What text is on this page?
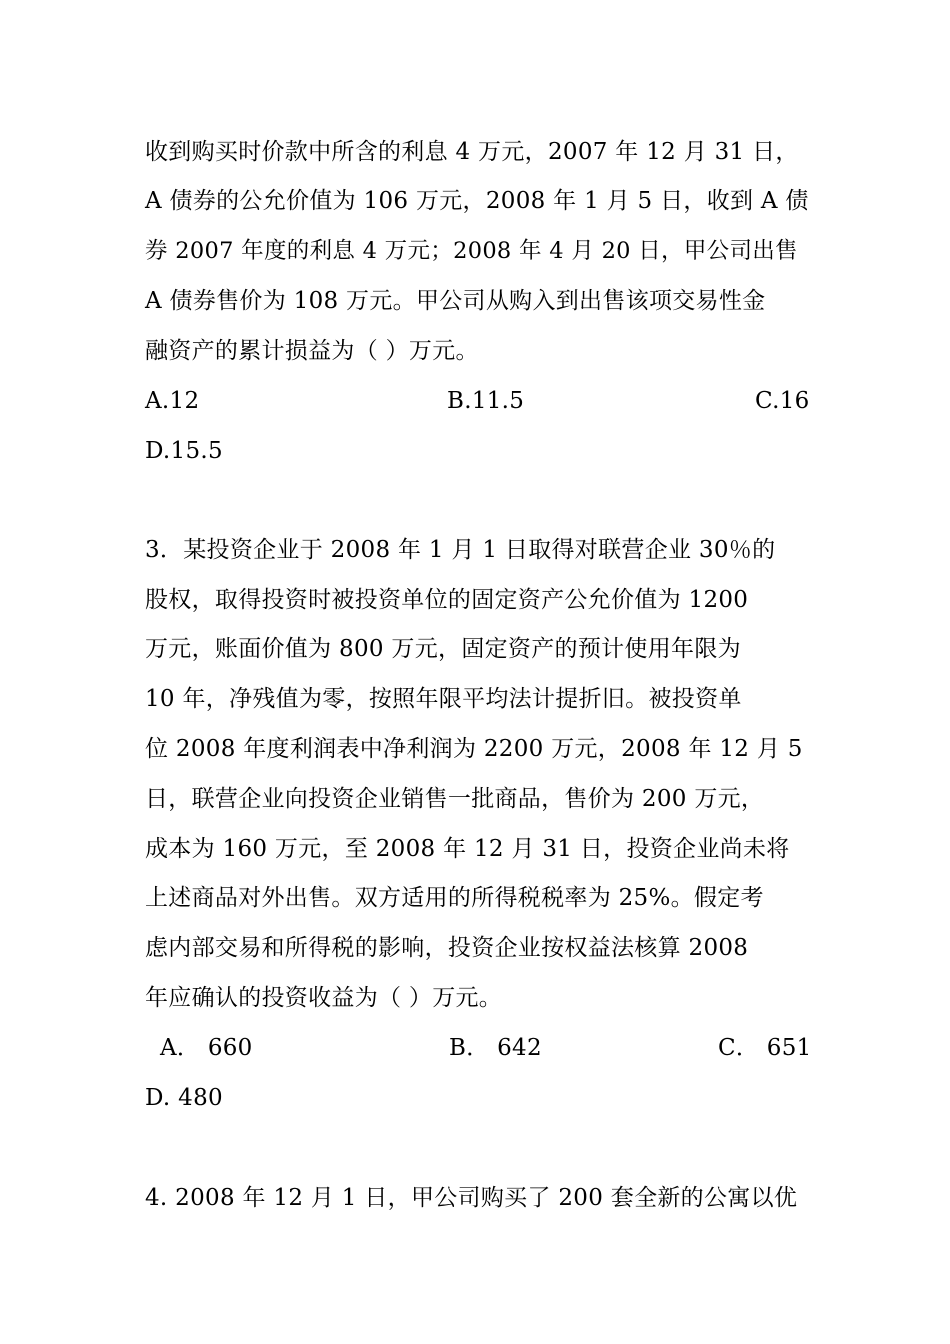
收到购买时价款中所含的利息 4 万元，2007 年 12 月 31 日，
A 债券的公允价值为 106 万元，2008 年 1 月 5 日，收到 A 债
券 2007 年度的利息 4 万元；2008 年 4 月 20 日，甲公司出售
A 债券售价为 108 万元。甲公司从购入到出售该项交易性金
融资产的累计损益为（ ）万元。
A.12	B.11.5	C.16
D.15.5
3．某投资企业于 2008 年 1 月 1 日取得对联营企业 30％的
股权，取得投资时被投资单位的固定资产公允价值为 1200
万元，账面价值为 800 万元，固定资产的预计使用年限为
10 年，净残值为零，按照年限平均法计提折旧。被投资单
位 2008 年度利润表中净利润为 2200 万元，2008 年 12 月 5
日，联营企业向投资企业销售一批商品，售价为 200 万元，
成本为 160 万元，至 2008 年 12 月 31 日，投资企业尚未将
上述商品对外出售。双方适用的所得税税率为 25%。假定考
虑内部交易和所得税的影响，投资企业按权益法核算 2008
年应确认的投资收益为（ ）万元。
A． 660	B． 642	C． 651
D. 480
4. 2008 年 12 月 1 日，甲公司购买了 200 套全新的公寓以优
